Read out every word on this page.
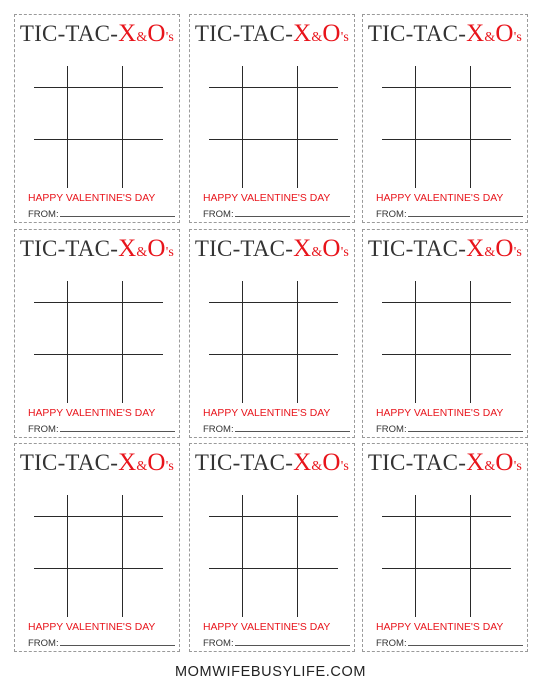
TIC-TAC-X&O's
HAPPY VALENTINE'S DAY
FROM:
TIC-TAC-X&O's
HAPPY VALENTINE'S DAY
FROM:
TIC-TAC-X&O's
HAPPY VALENTINE'S DAY
FROM:
TIC-TAC-X&O's
HAPPY VALENTINE'S DAY
FROM:
TIC-TAC-X&O's
HAPPY VALENTINE'S DAY
FROM:
TIC-TAC-X&O's
HAPPY VALENTINE'S DAY
FROM:
TIC-TAC-X&O's
HAPPY VALENTINE'S DAY
FROM:
TIC-TAC-X&O's
HAPPY VALENTINE'S DAY
FROM:
TIC-TAC-X&O's
HAPPY VALENTINE'S DAY
FROM:
MOMWIFEBUSYLIFE.COM
